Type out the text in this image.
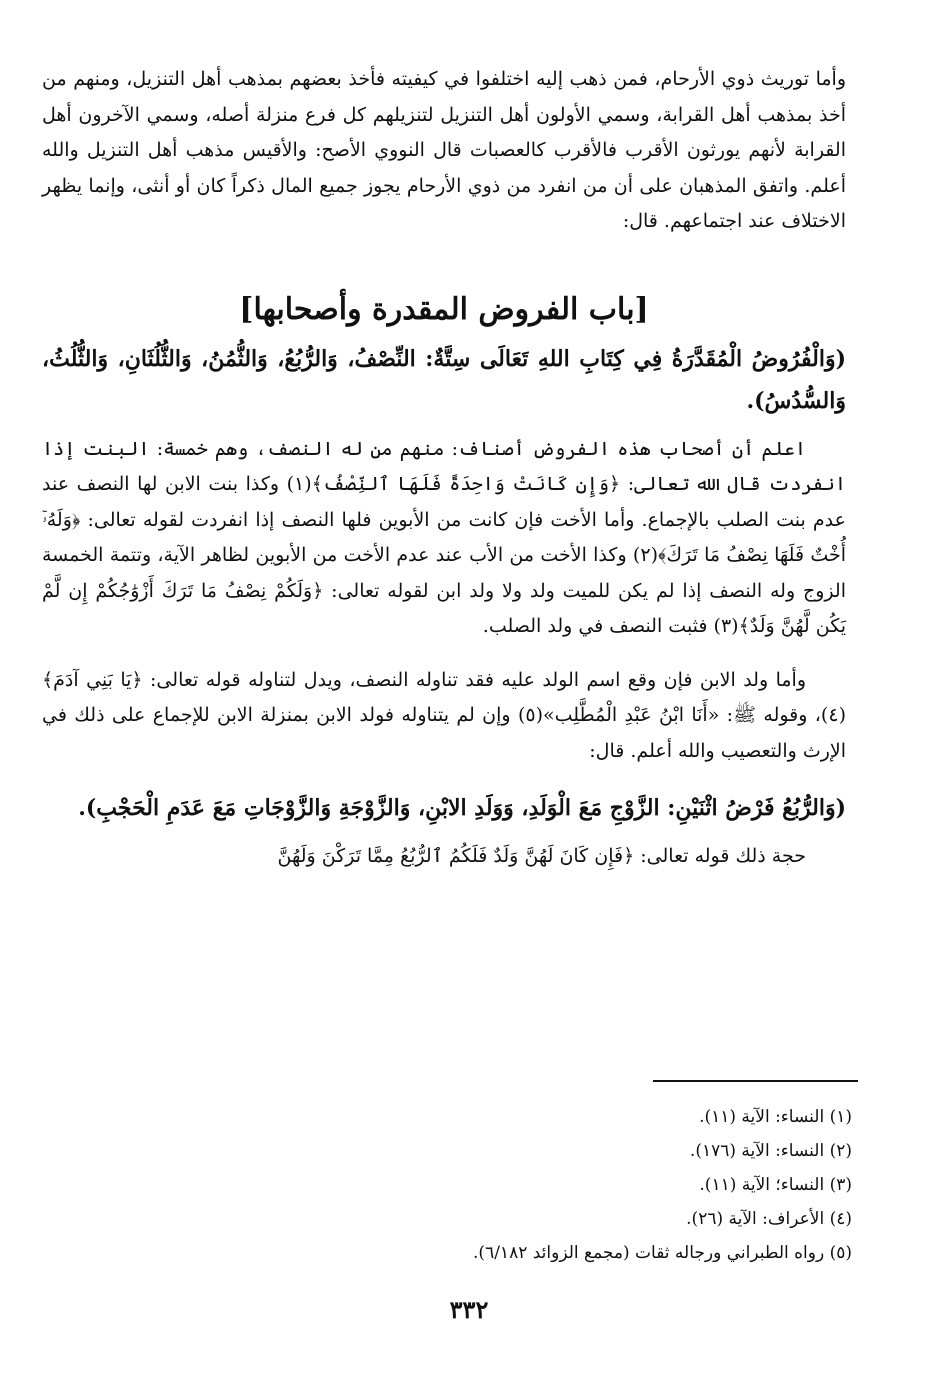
وأما توريث ذوي الأرحام، فمن ذهب إليه اختلفوا في كيفيته فأخذ بعضهم بمذهب أهل التنزيل، ومنهم من أخذ بمذهب أهل القرابة، وسمي الأولون أهل التنزيل لتنزيلهم كل فرع منزلة أصله، وسمي الآخرون أهل القرابة لأنهم يورثون الأقرب فالأقرب كالعصبات قال النووي الأصح: والأقيس مذهب أهل التنزيل والله أعلم. واتفق المذهبان على أن من انفرد من ذوي الأرحام يجوز جميع المال ذكراً كان أو أنثى، وإنما يظهر الاختلاف عند اجتماعهم. قال:

[باب الفروض المقدرة وأصحابها]

(وَالْفُرُوضُ الْمُقَدَّرَةُ فِي كِتَابِ اللهِ تَعَالَى سِتَّةٌ: النِّصْفُ، وَالرُّبُعُ، وَالثُّمُنُ، وَالثُّلُثَانِ، وَالثُّلُثُ، وَالسُّدُسُ).

اعلم أن أصحاب هذه الفروض أصناف: منهم من له النصف، وهم خمسة: البنت إذا انفردت قال الله تعالى: ﴿وَإِن كَانَتْ وَاحِدَةً فَلَهَا ٱلنِّصْفُ﴾(١) وكذا بنت الابن لها النصف عند عدم بنت الصلب بالإجماع. وأما الأخت فإن كانت من الأبوين فلها النصف إذا انفردت لقوله تعالى: ﴿وَلَهُۥٓ أُخْتٌ فَلَهَا نِصْفُ مَا تَرَكَ﴾(٢) وكذا الأخت من الأب عند عدم الأخت من الأبوين لظاهر الآية، وتتمة الخمسة الزوج وله النصف إذا لم يكن للميت ولد ولا ولد ابن لقوله تعالى: ﴿وَلَكُمْ نِصْفُ مَا تَرَكَ أَزْوَٰجُكُمْ إِن لَّمْ يَكُن لَّهُنَّ وَلَدٌ﴾(٣) فثبت النصف في ولد الصلب.

وأما ولد الابن فإن وقع اسم الولد عليه فقد تناوله النصف، ويدل لتناوله قوله تعالى: ﴿يَا بَنِي آدَمَ﴾(٤)، وقوله ﷺ: «أَنَا ابْنُ عَبْدِ الْمُطَّلِب»(٥) وإن لم يتناوله فولد الابن بمنزلة الابن للإجماع على ذلك في الإرث والتعصيب والله أعلم. قال:

(وَالرُّبُعُ فَرْضُ اثْنَيْنِ: الزَّوْجِ مَعَ الْوَلَدِ، وَوَلَدِ الابْنِ، وَالزَّوْجَةِ وَالزَّوْجَاتِ مَعَ عَدَمِ الْحَجْبِ).

حجة ذلك قوله تعالى: ﴿فَإِن كَانَ لَهُنَّ وَلَدٌ فَلَكُمُ ٱلرُّبُعُ مِمَّا تَرَكْنَ وَلَهُنَّ

(١) النساء: الآية (١١).

(٢) النساء: الآية (١٧٦).

(٣) النساء؛ الآية (١١).

(٤) الأعراف: الآية (٢٦).

(٥) رواه الطبراني ورجاله ثقات (مجمع الزوائد ٦/١٨٢).

٣٣٢
